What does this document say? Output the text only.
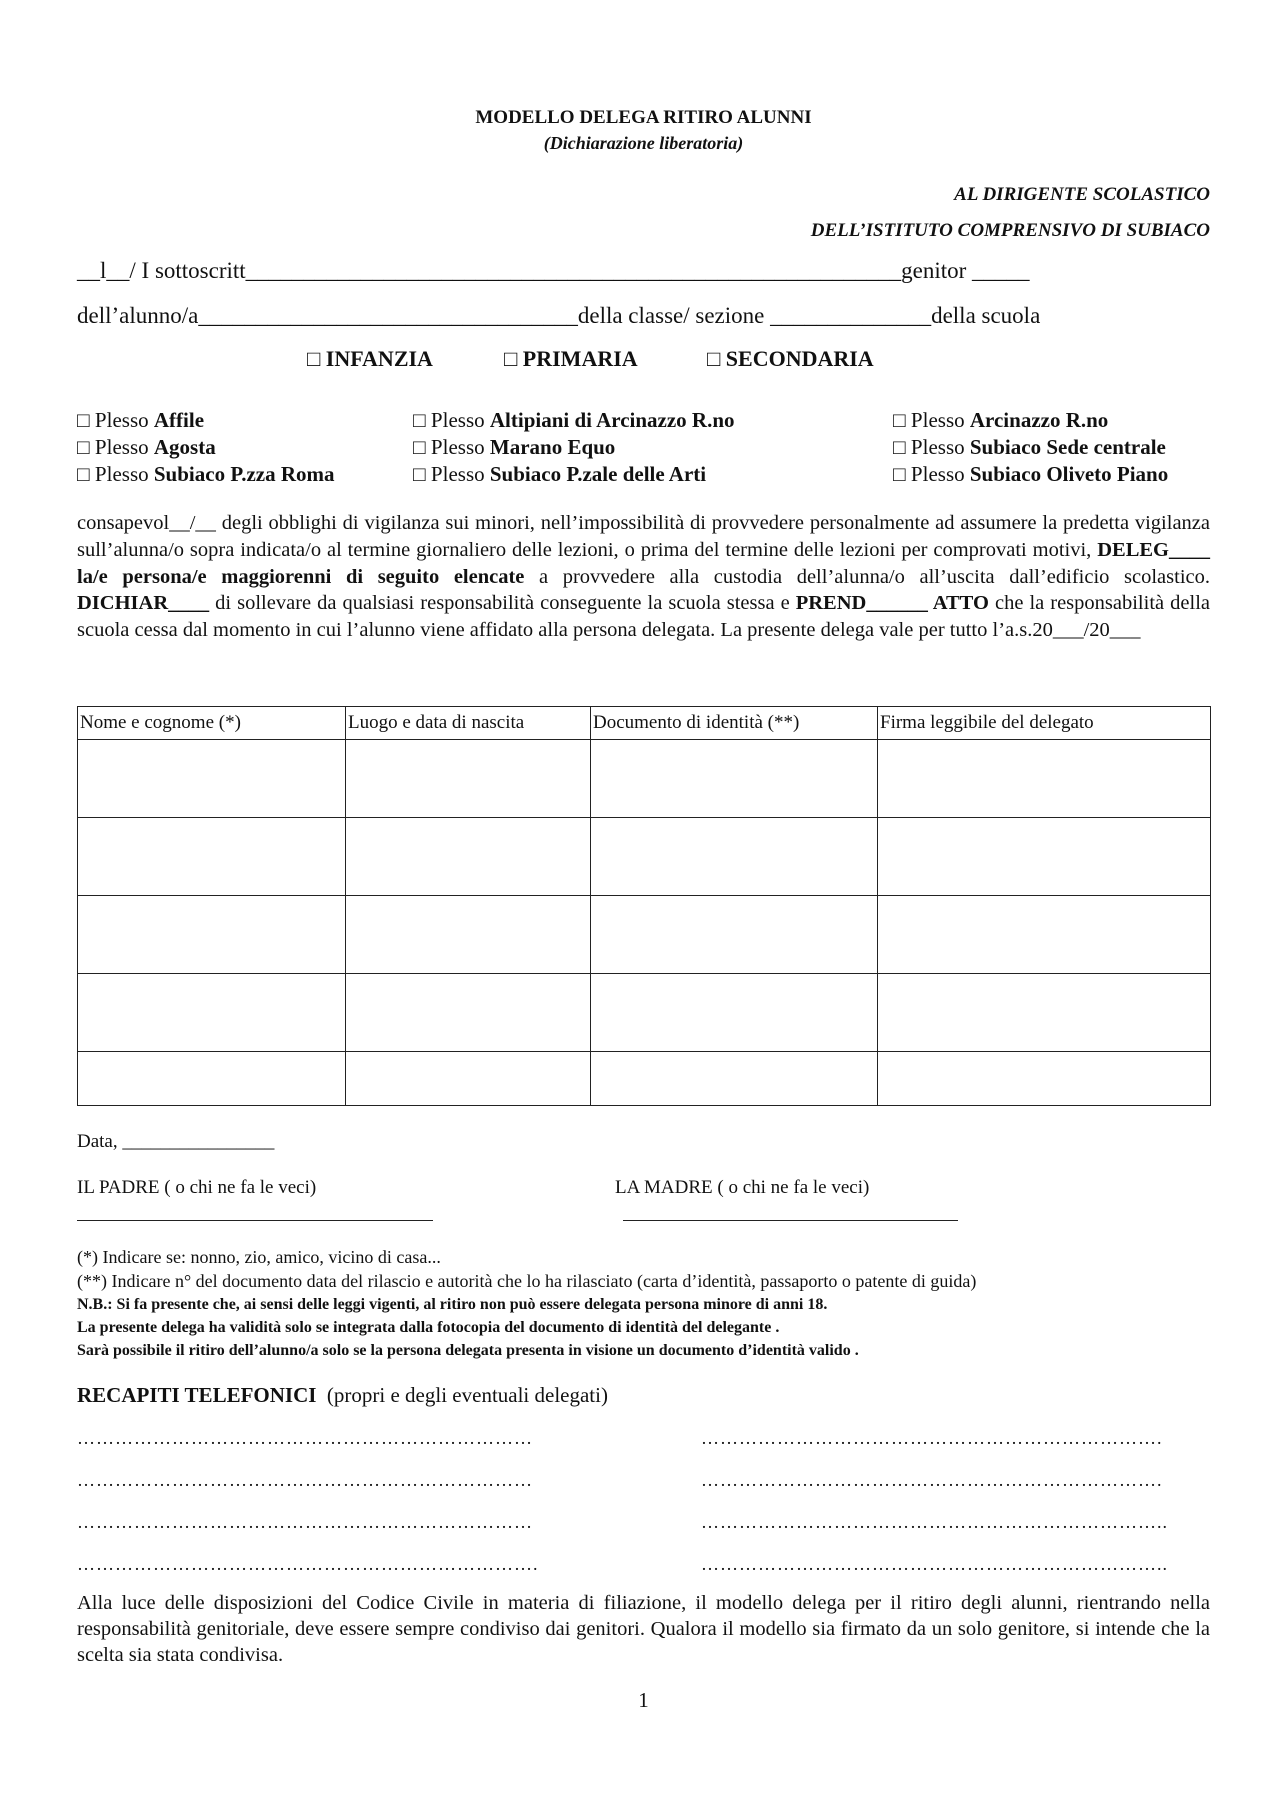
MODELLO DELEGA RITIRO ALUNNI
(Dichiarazione liberatoria)
AL DIRIGENTE SCOLASTICO
DELL’ISTITUTO COMPRENSIVO DI SUBIACO
__l__/ I sottoscritt_________________________________________________________genitor _____
dell’alunno/a_________________________________della classe/ sezione ______________della scuola
□ INFANZIA	□ PRIMARIA	□ SECONDARIA
□ Plesso Affile	□ Plesso Altipiani di Arcinazzo R.no	□ Plesso Arcinazzo R.no
□ Plesso Agosta	□ Plesso Marano Equo	□ Plesso Subiaco Sede centrale
□ Plesso Subiaco P.zza Roma	□ Plesso Subiaco P.zale delle Arti	□ Plesso Subiaco Oliveto Piano
consapevol__/__ degli obblighi di vigilanza sui minori, nell’impossibilità di provvedere personalmente ad assumere la predetta vigilanza sull’alunna/o sopra indicata/o al termine giornaliero delle lezioni, o prima del termine delle lezioni per comprovati motivi, DELEG____ la/e persona/e maggiorenni di seguito elencate a provvedere alla custodia dell’alunna/o all’uscita dall’edificio scolastico. DICHIAR____ di sollevare da qualsiasi responsabilità conseguente la scuola stessa e PREND______ ATTO che la responsabilità della scuola cessa dal momento in cui l’alunno viene affidato alla persona delegata. La presente delega vale per tutto l’a.s.20___/20___
Nome e cognome (*)	Luogo e data di nascita	Documento di identità (**)	Firma leggibile del delegato

Data, ________________
IL PADRE ( o chi ne fa le veci)	LA MADRE ( o chi ne fa le veci)
(*) Indicare se: nonno, zio, amico, vicino di casa...
(**) Indicare n° del documento data del rilascio e autorità che lo ha rilasciato (carta d’identità, passaporto o patente di guida)
N.B.: Si fa presente che, ai sensi delle leggi vigenti, al ritiro non può essere delegata persona minore di anni 18.
La presente delega ha validità solo se integrata dalla fotocopia del documento di identità del delegante .
Sarà possibile il ritiro dell’alunno/a solo se la persona delegata presenta in visione un documento d’identità valido .
RECAPITI TELEFONICI (propri e degli eventuali delegati)
………………………………………………………………
………………………………………………………………
………………………………………………………………
……………………………………………………………….
……………………………………………………………….
……………………………………………………………….
………………………………………………………………..
………………………………………………………………..
Alla luce delle disposizioni del Codice Civile in materia di filiazione, il modello delega per il ritiro degli alunni, rientrando nella responsabilità genitoriale, deve essere sempre condiviso dai genitori. Qualora il modello sia firmato da un solo genitore, si intende che la scelta sia stata condivisa.
1
